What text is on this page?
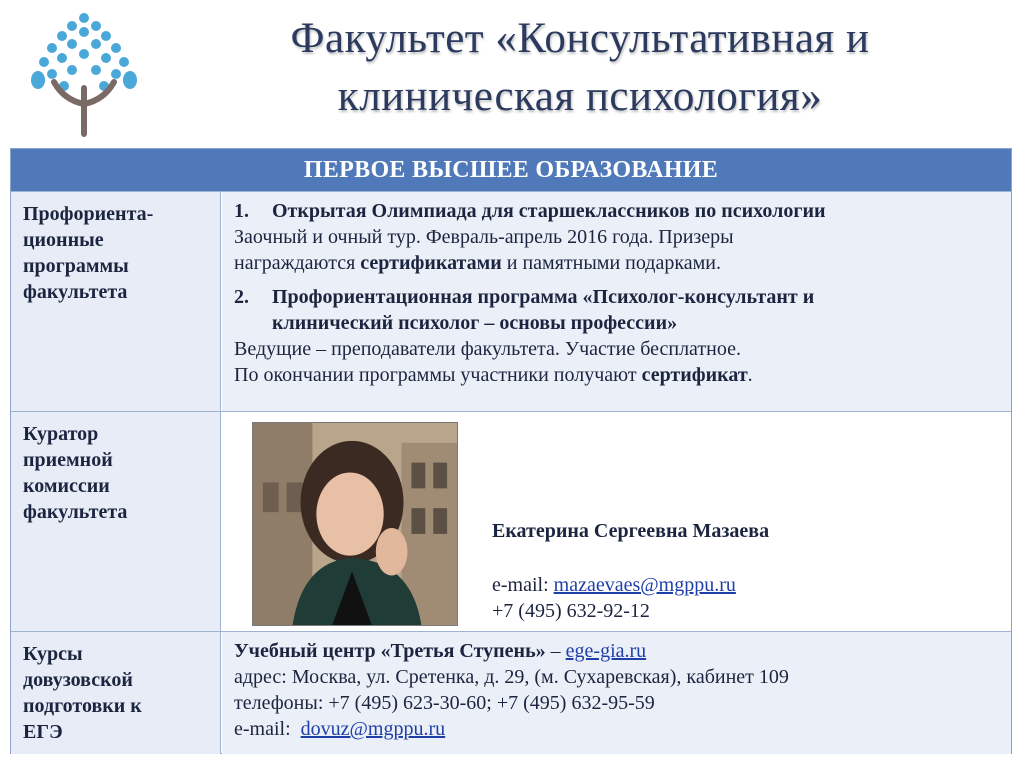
Факультет «Консультативная и
клиническая психология»
ПЕРВОЕ ВЫСШЕЕ ОБРАЗОВАНИЕ
Профориента-
ционные
программы
факультета
1. Открытая Олимпиада для старшеклассников по психологии
Заочный и очный тур. Февраль-апрель 2016 года. Призеры
награждаются сертификатами и памятными подарками.
2. Профориентационная программа «Психолог-консультант и
клинический психолог – основы профессии»
Ведущие – преподаватели факультета. Участие бесплатное.
По окончании программы участники получают сертификат.
Куратор
приемной
комиссии
факультета
Екатерина Сергеевна Мазаева
e-mail: mazaevaes@mgppu.ru
+7 (495) 632-92-12
Курсы
довузовской
подготовки к
ЕГЭ
Учебный центр «Третья Ступень» – ege-gia.ru
адрес: Москва, ул. Сретенка, д. 29, (м. Сухаревская), кабинет 109
телефоны: +7 (495) 623-30-60; +7 (495) 632-95-59
e-mail: dovuz@mgppu.ru
